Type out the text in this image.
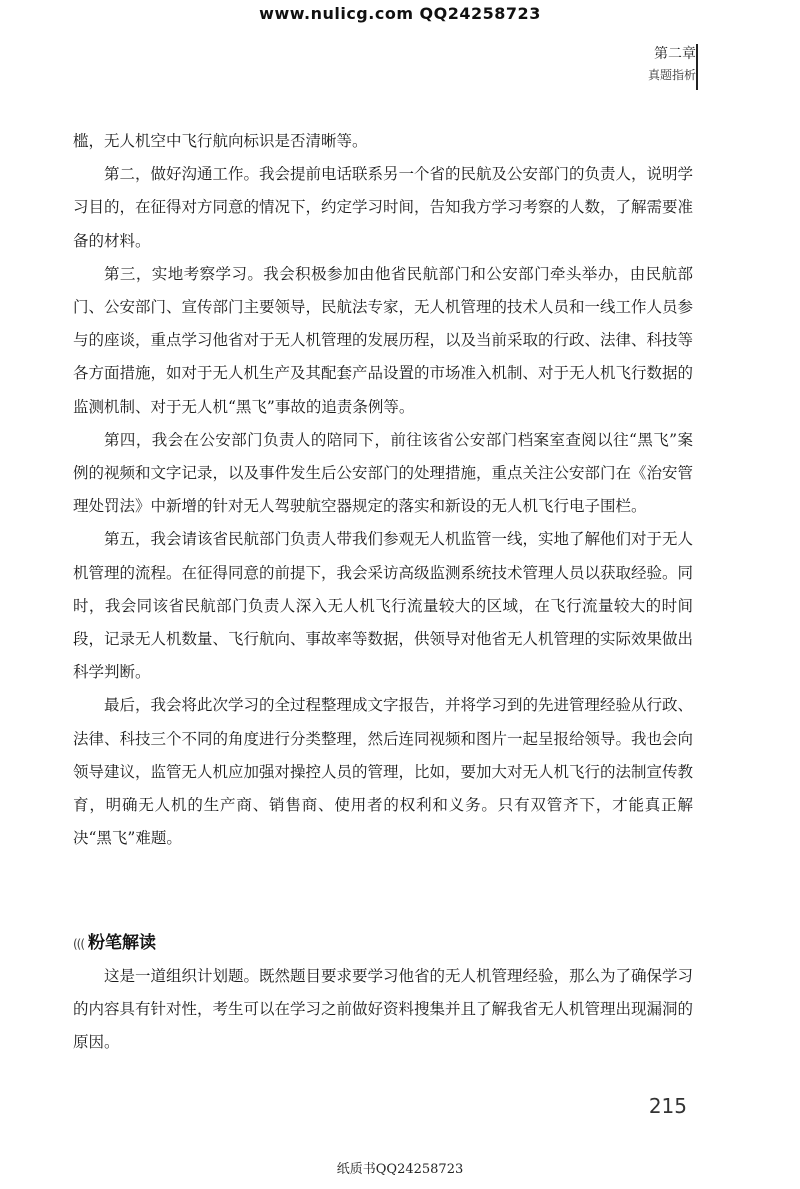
www.nulicg.com QQ24258723
第二章
真题指析

槛，无人机空中飞行航向标识是否清晰等。

第二，做好沟通工作。我会提前电话联系另一个省的民航及公安部门的负责人，说明学习目的，在征得对方同意的情况下，约定学习时间，告知我方学习考察的人数，了解需要准备的材料。

第三，实地考察学习。我会积极参加由他省民航部门和公安部门牵头举办，由民航部门、公安部门、宣传部门主要领导，民航法专家，无人机管理的技术人员和一线工作人员参与的座谈，重点学习他省对于无人机管理的发展历程，以及当前采取的行政、法律、科技等各方面措施，如对于无人机生产及其配套产品设置的市场准入机制、对于无人机飞行数据的监测机制、对于无人机“黑飞”事故的追责条例等。

第四，我会在公安部门负责人的陪同下，前往该省公安部门档案室查阅以往“黑飞”案例的视频和文字记录，以及事件发生后公安部门的处理措施，重点关注公安部门在《治安管理处罚法》中新增的针对无人驾驶航空器规定的落实和新设的无人机飞行电子围栏。

第五，我会请该省民航部门负责人带我们参观无人机监管一线，实地了解他们对于无人机管理的流程。在征得同意的前提下，我会采访高级监测系统技术管理人员以获取经验。同时，我会同该省民航部门负责人深入无人机飞行流量较大的区域，在飞行流量较大的时间段，记录无人机数量、飞行航向、事故率等数据，供领导对他省无人机管理的实际效果做出科学判断。

最后，我会将此次学习的全过程整理成文字报告，并将学习到的先进管理经验从行政、法律、科技三个不同的角度进行分类整理，然后连同视频和图片一起呈报给领导。我也会向领导建议，监管无人机应加强对操控人员的管理，比如，要加大对无人机飞行的法制宣传教育，明确无人机的生产商、销售商、使用者的权利和义务。只有双管齐下，才能真正解决“黑飞”难题。

((( 粉笔解读

这是一道组织计划题。既然题目要求要学习他省的无人机管理经验，那么为了确保学习的内容具有针对性，考生可以在学习之前做好资料搜集并且了解我省无人机管理出现漏洞的原因。

215
纸质书QQ24258723
